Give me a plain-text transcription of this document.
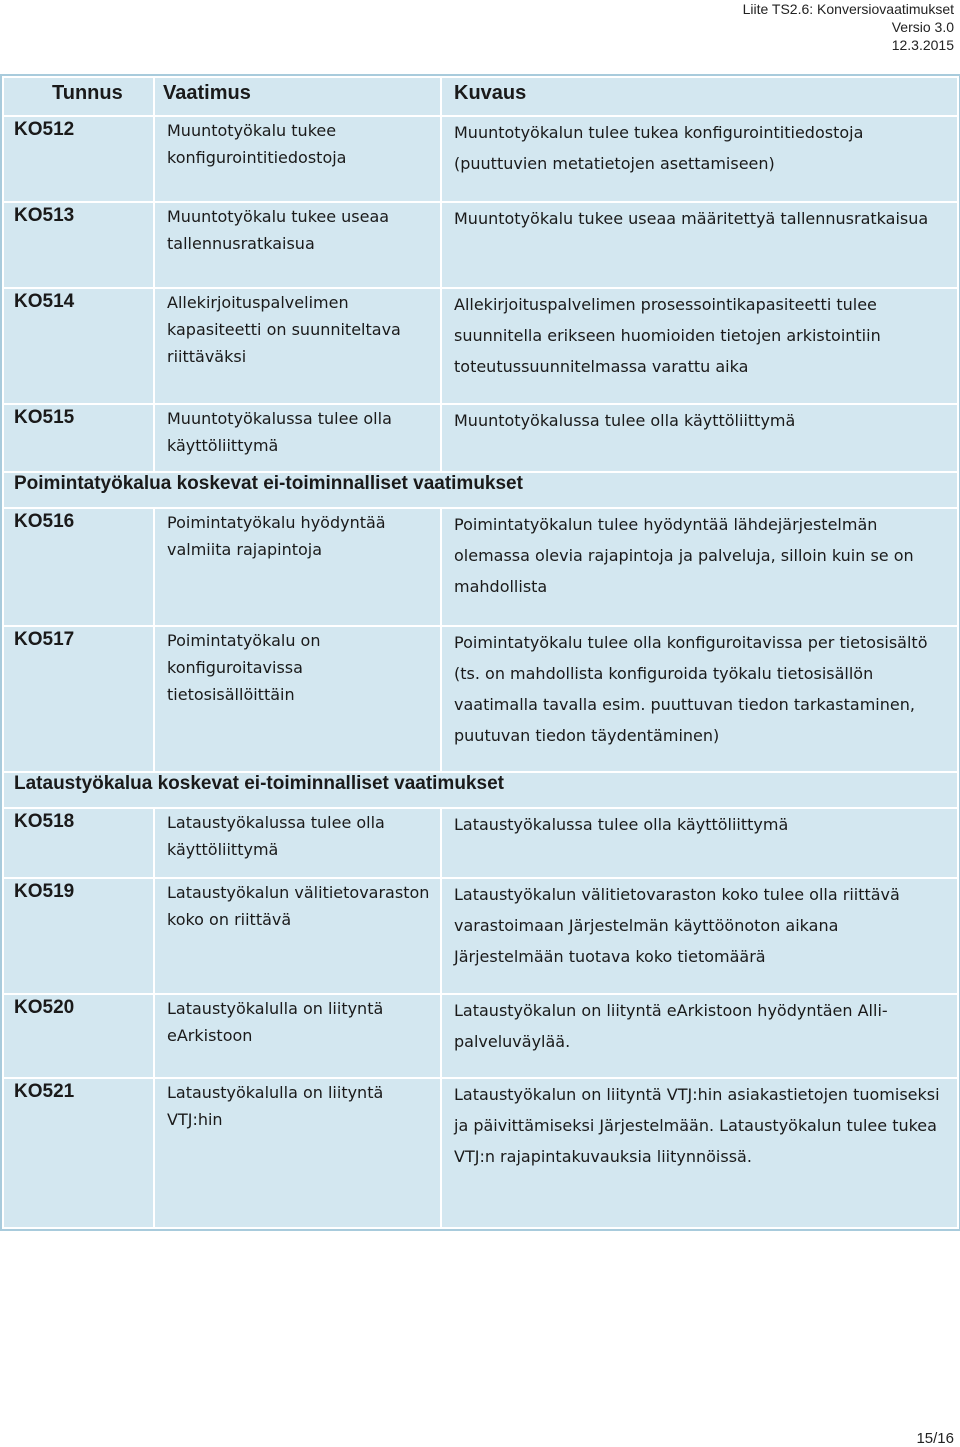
Liite TS2.6: Konversiovaatimukset
Versio 3.0
12.3.2015
Tunnus	Vaatimus	Kuvaus
KO512	Muuntotyökalu tukee konfigurointitiedostoja	Muuntotyökalun tulee tukea konfigurointitiedostoja (puuttuvien metatietojen asettamiseen)
KO513	Muuntotyökalu tukee useaa tallennusratkaisua	Muuntotyökalu tukee useaa määritettyä tallennusratkaisua
KO514	Allekirjoituspalvelimen kapasiteetti on suunniteltava riittäväksi	Allekirjoituspalvelimen prosessointikapasiteetti tulee suunnitella erikseen huomioiden tietojen arkistointiin toteutussuunnitelmassa varattu aika
KO515	Muuntotyökalussa tulee olla käyttöliittymä	Muuntotyökalussa tulee olla käyttöliittymä
Poimintatyökalua koskevat ei-toiminnalliset vaatimukset		
KO516	Poimintatyökalu hyödyntää valmiita rajapintoja	Poimintatyökalun tulee hyödyntää lähdejärjestelmän olemassa olevia rajapintoja ja palveluja, silloin kuin se on mahdollista
KO517	Poimintatyökalu on konfiguroitavissa tietosisällöittäin	Poimintatyökalu tulee olla konfiguroitavissa per tietosisältö (ts. on mahdollista konfiguroida työkalu tietosisällön vaatimalla tavalla esim. puuttuvan tiedon tarkastaminen, puutuvan tiedon täydentäminen)
Lataustyökalua koskevat ei-toiminnalliset vaatimukset		
KO518	Lataustyökalussa tulee olla käyttöliittymä	Lataustyökalussa tulee olla käyttöliittymä
KO519	Lataustyökalun välitietovaraston koko on riittävä	Lataustyökalun välitietovaraston koko tulee olla riittävä varastoimaan Järjestelmän käyttöönoton aikana Järjestelmään tuotava koko tietomäärä
KO520	Lataustyökalulla on liityntä eArkistoon	Lataustyökalun on liityntä eArkistoon hyödyntäen Alli-palveluväylää.
KO521	Lataustyökalulla on liityntä VTJ:hin	Lataustyökalun on liityntä VTJ:hin asiakastietojen tuomiseksi ja päivittämiseksi Järjestelmään. Lataustyökalun tulee tukea VTJ:n rajapintakuvauksia liitynnöissä.
15/16
